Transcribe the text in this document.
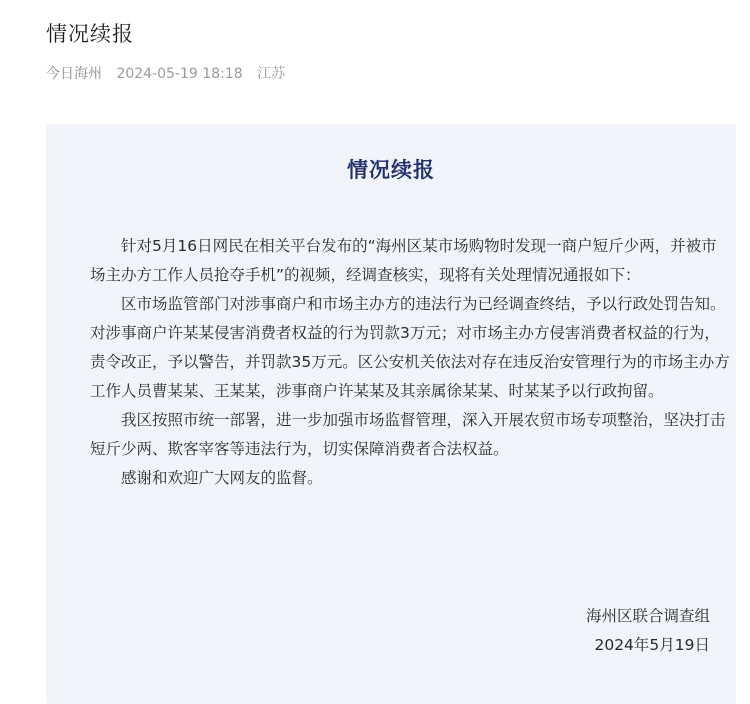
情况续报
今日海州 2024-05-19 18:18 江苏
情况续报

针对5月16日网民在相关平台发布的“海州区某市场购物时发现一商户短斤少两，并被市场主办方工作人员抢夺手机”的视频，经调查核实，现将有关处理情况通报如下：

区市场监管部门对涉事商户和市场主办方的违法行为已经调查终结，予以行政处罚告知。对涉事商户许某某侵害消费者权益的行为罚款3万元；对市场主办方侵害消费者权益的行为，责令改正，予以警告，并罚款35万元。区公安机关依法对存在违反治安管理行为的市场主办方工作人员曹某某、王某某，涉事商户许某某及其亲属徐某某、时某某予以行政拘留。

我区按照市统一部署，进一步加强市场监督管理，深入开展农贸市场专项整治，坚决打击短斤少两、欺客宰客等违法行为，切实保障消费者合法权益。

感谢和欢迎广大网友的监督。

海州区联合调查组
2024年5月19日
